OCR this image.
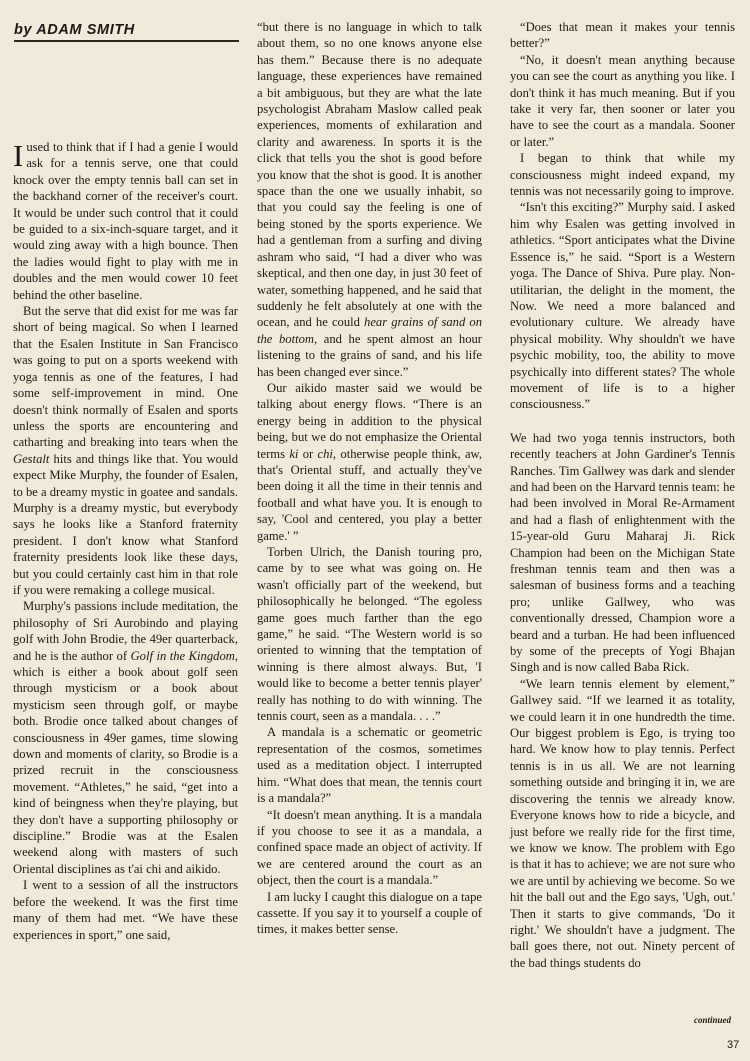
by ADAM SMITH

Iused to think that if I had a genie I would ask for a tennis serve, one that could knock over the empty tennis ball can set in the backhand corner of the receiver's court. It would be under such control that it could be guided to a six-inch-square target, and it would zing away with a high bounce. Then the ladies would fight to play with me in doubles and the men would cower 10 feet behind the other baseline.

But the serve that did exist for me was far short of being magical. So when I learned that the Esalen Institute in San Francisco was going to put on a sports weekend with yoga tennis as one of the features, I had some self-improvement in mind. One doesn't think normally of Esalen and sports unless the sports are encountering and catharting and breaking into tears when the Gestalt hits and things like that. You would expect Mike Murphy, the founder of Esalen, to be a dreamy mystic in goatee and sandals. Murphy is a dreamy mystic, but everybody says he looks like a Stanford fraternity president. I don't know what Stanford fraternity presidents look like these days, but you could certainly cast him in that role if you were remaking a college musical.

Murphy's passions include meditation, the philosophy of Sri Aurobindo and playing golf with John Brodie, the 49er quarterback, and he is the author of Golf in the Kingdom, which is either a book about golf seen through mysticism or a book about mysticism seen through golf, or maybe both. Brodie once talked about changes of consciousness in 49er games, time slowing down and moments of clarity, so Brodie is a prized recruit in the consciousness movement. “Athletes,” he said, “get into a kind of beingness when they're playing, but they don't have a supporting philosophy or discipline.” Brodie was at the Esalen weekend along with masters of such Oriental disciplines as t'ai chi and aikido.

I went to a session of all the instructors before the weekend. It was the first time many of them had met. “We have these experiences in sport,” one said,

“but there is no language in which to talk about them, so no one knows anyone else has them.” Because there is no adequate language, these experiences have remained a bit ambiguous, but they are what the late psychologist Abraham Maslow called peak experiences, moments of exhilaration and clarity and awareness. In sports it is the click that tells you the shot is good before you know that the shot is good. It is another space than the one we usually inhabit, so that you could say the feeling is one of being stoned by the sports experience. We had a gentleman from a surfing and diving ashram who said, “I had a diver who was skeptical, and then one day, in just 30 feet of water, something happened, and he said that suddenly he felt absolutely at one with the ocean, and he could hear grains of sand on the bottom, and he spent almost an hour listening to the grains of sand, and his life has been changed ever since.”

Our aikido master said we would be talking about energy flows. “There is an energy being in addition to the physical being, but we do not emphasize the Oriental terms ki or chi, otherwise people think, aw, that's Oriental stuff, and actually they've been doing it all the time in their tennis and football and what have you. It is enough to say, 'Cool and centered, you play a better game.' ”

Torben Ulrich, the Danish touring pro, came by to see what was going on. He wasn't officially part of the weekend, but philosophically he belonged. “The egoless game goes much farther than the ego game,” he said. “The Western world is so oriented to winning that the temptation of winning is there almost always. But, 'I would like to become a better tennis player' really has nothing to do with winning. The tennis court, seen as a mandala. . . .”

A mandala is a schematic or geometric representation of the cosmos, sometimes used as a meditation object. I interrupted him. “What does that mean, the tennis court is a mandala?”

“It doesn't mean anything. It is a mandala if you choose to see it as a mandala, a confined space made an object of activity. If we are centered around the court as an object, then the court is a mandala.”

I am lucky I caught this dialogue on a tape cassette. If you say it to yourself a couple of times, it makes better sense.

“Does that mean it makes your tennis better?”

“No, it doesn't mean anything because you can see the court as anything you like. I don't think it has much meaning. But if you take it very far, then sooner or later you have to see the court as a mandala. Sooner or later.”

I began to think that while my consciousness might indeed expand, my tennis was not necessarily going to improve.

“Isn't this exciting?” Murphy said. I asked him why Esalen was getting involved in athletics. “Sport anticipates what the Divine Essence is,” he said. “Sport is a Western yoga. The Dance of Shiva. Pure play. Non-utilitarian, the delight in the moment, the Now. We need a more balanced and evolutionary culture. We already have physical mobility. Why shouldn't we have psychic mobility, too, the ability to move psychically into different states? The whole movement of life is to a higher consciousness.”

We had two yoga tennis instructors, both recently teachers at John Gardiner's Tennis Ranches. Tim Gallwey was dark and slender and had been on the Harvard tennis team: he had been involved in Moral Re-Armament and had a flash of enlightenment with the 15-year-old Guru Maharaj Ji. Rick Champion had been on the Michigan State freshman tennis team and then was a salesman of business forms and a teaching pro; unlike Gallwey, who was conventionally dressed, Champion wore a beard and a turban. He had been influenced by some of the precepts of Yogi Bhajan Singh and is now called Baba Rick.

“We learn tennis element by element,” Gallwey said. “If we learned it as totality, we could learn it in one hundredth the time. Our biggest problem is Ego, is trying too hard. We know how to play tennis. Perfect tennis is in us all. We are not learning something outside and bringing it in, we are discovering the tennis we already know. Everyone knows how to ride a bicycle, and just before we really ride for the first time, we know we know. The problem with Ego is that it has to achieve; we are not sure who we are until by achieving we become. So we hit the ball out and the Ego says, 'Ugh, out.' Then it starts to give commands, 'Do it right.' We shouldn't have a judgment. The ball goes there, not out. Ninety percent of the bad things students do

continued
37
